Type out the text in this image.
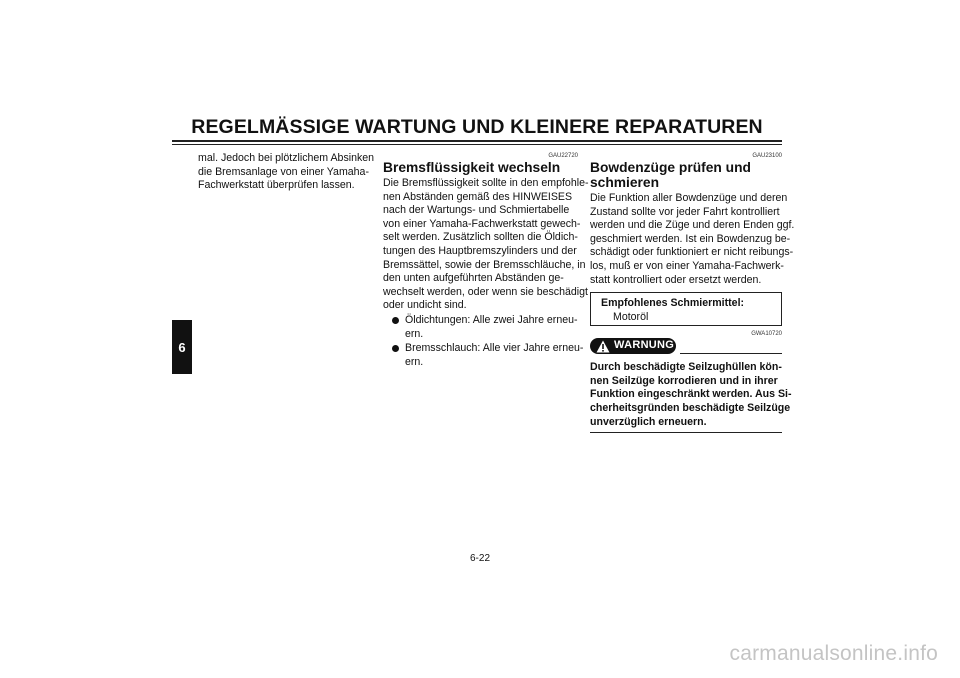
REGELMÄSSIGE WARTUNG UND KLEINERE REPARATUREN
6
mal. Jedoch bei plötzlichem Absinken
die Bremsanlage von einer Yamaha-
Fachwerkstatt überprüfen lassen.
GAU22720
Bremsflüssigkeit wechseln
Die Bremsflüssigkeit sollte in den empfohle-
nen Abständen gemäß des HINWEISES
nach der Wartungs- und Schmiertabelle
von einer Yamaha-Fachwerkstatt gewech-
selt werden. Zusätzlich sollten die Öldich-
tungen des Hauptbremszylinders und der
Bremssättel, sowie der Bremsschläuche, in
den unten aufgeführten Abständen ge-
wechselt werden, oder wenn sie beschädigt
oder undicht sind.
Öldichtungen: Alle zwei Jahre erneu-
ern.
Bremsschlauch: Alle vier Jahre erneu-
ern.
GAU23100
Bowdenzüge prüfen und
schmieren
Die Funktion aller Bowdenzüge und deren
Zustand sollte vor jeder Fahrt kontrolliert
werden und die Züge und deren Enden ggf.
geschmiert werden. Ist ein Bowdenzug be-
schädigt oder funktioniert er nicht reibungs-
los, muß er von einer Yamaha-Fachwerk-
statt kontrolliert oder ersetzt werden.
Empfohlenes Schmiermittel:
Motoröl
GWA10720
WARNUNG
Durch beschädigte Seilzughüllen kön-
nen Seilzüge korrodieren und in ihrer
Funktion eingeschränkt werden. Aus Si-
cherheitsgründen beschädigte Seilzüge
unverzüglich erneuern.
6-22
carmanualsonline.info
